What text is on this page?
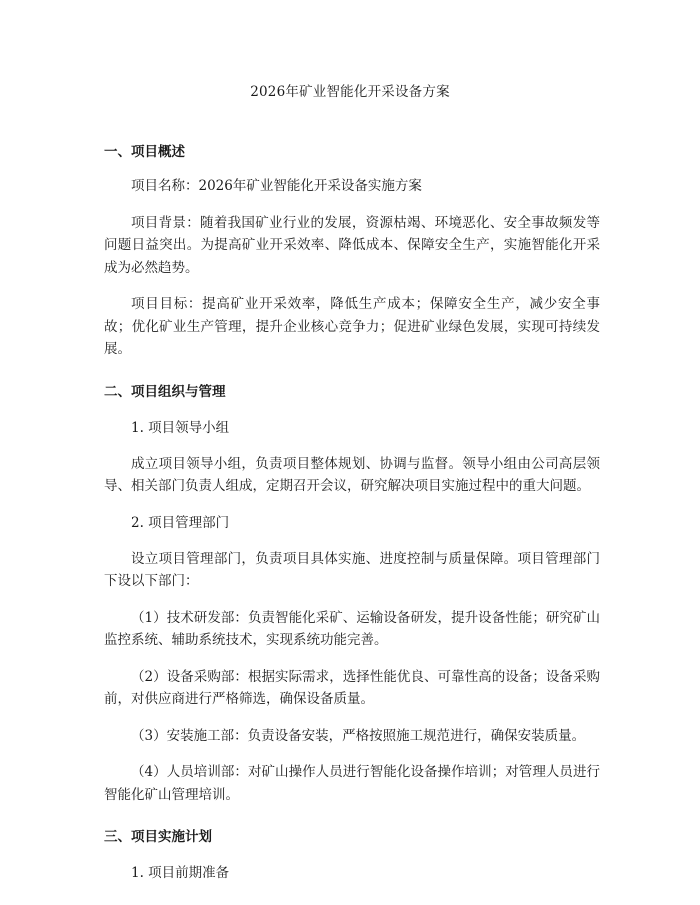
2026年矿业智能化开采设备方案
一、项目概述

项目名称：2026年矿业智能化开采设备实施方案

项目背景：随着我国矿业行业的发展，资源枯竭、环境恶化、安全事故频发等问题日益突出。为提高矿业开采效率、降低成本、保障安全生产，实施智能化开采成为必然趋势。

项目目标：提高矿业开采效率，降低生产成本；保障安全生产，减少安全事故；优化矿业生产管理，提升企业核心竞争力；促进矿业绿色发展，实现可持续发展。

二、项目组织与管理
1. 项目领导小组

成立项目领导小组，负责项目整体规划、协调与监督。领导小组由公司高层领导、相关部门负责人组成，定期召开会议，研究解决项目实施过程中的重大问题。

2. 项目管理部门

设立项目管理部门，负责项目具体实施、进度控制与质量保障。项目管理部门下设以下部门：

（1）技术研发部：负责智能化采矿、运输设备研发，提升设备性能；研究矿山监控系统、辅助系统技术，实现系统功能完善。

（2）设备采购部：根据实际需求，选择性能优良、可靠性高的设备；设备采购前，对供应商进行严格筛选，确保设备质量。

（3）安装施工部：负责设备安装，严格按照施工规范进行，确保安装质量。

（4）人员培训部：对矿山操作人员进行智能化设备操作培训；对管理人员进行智能化矿山管理培训。

三、项目实施计划
1. 项目前期准备
